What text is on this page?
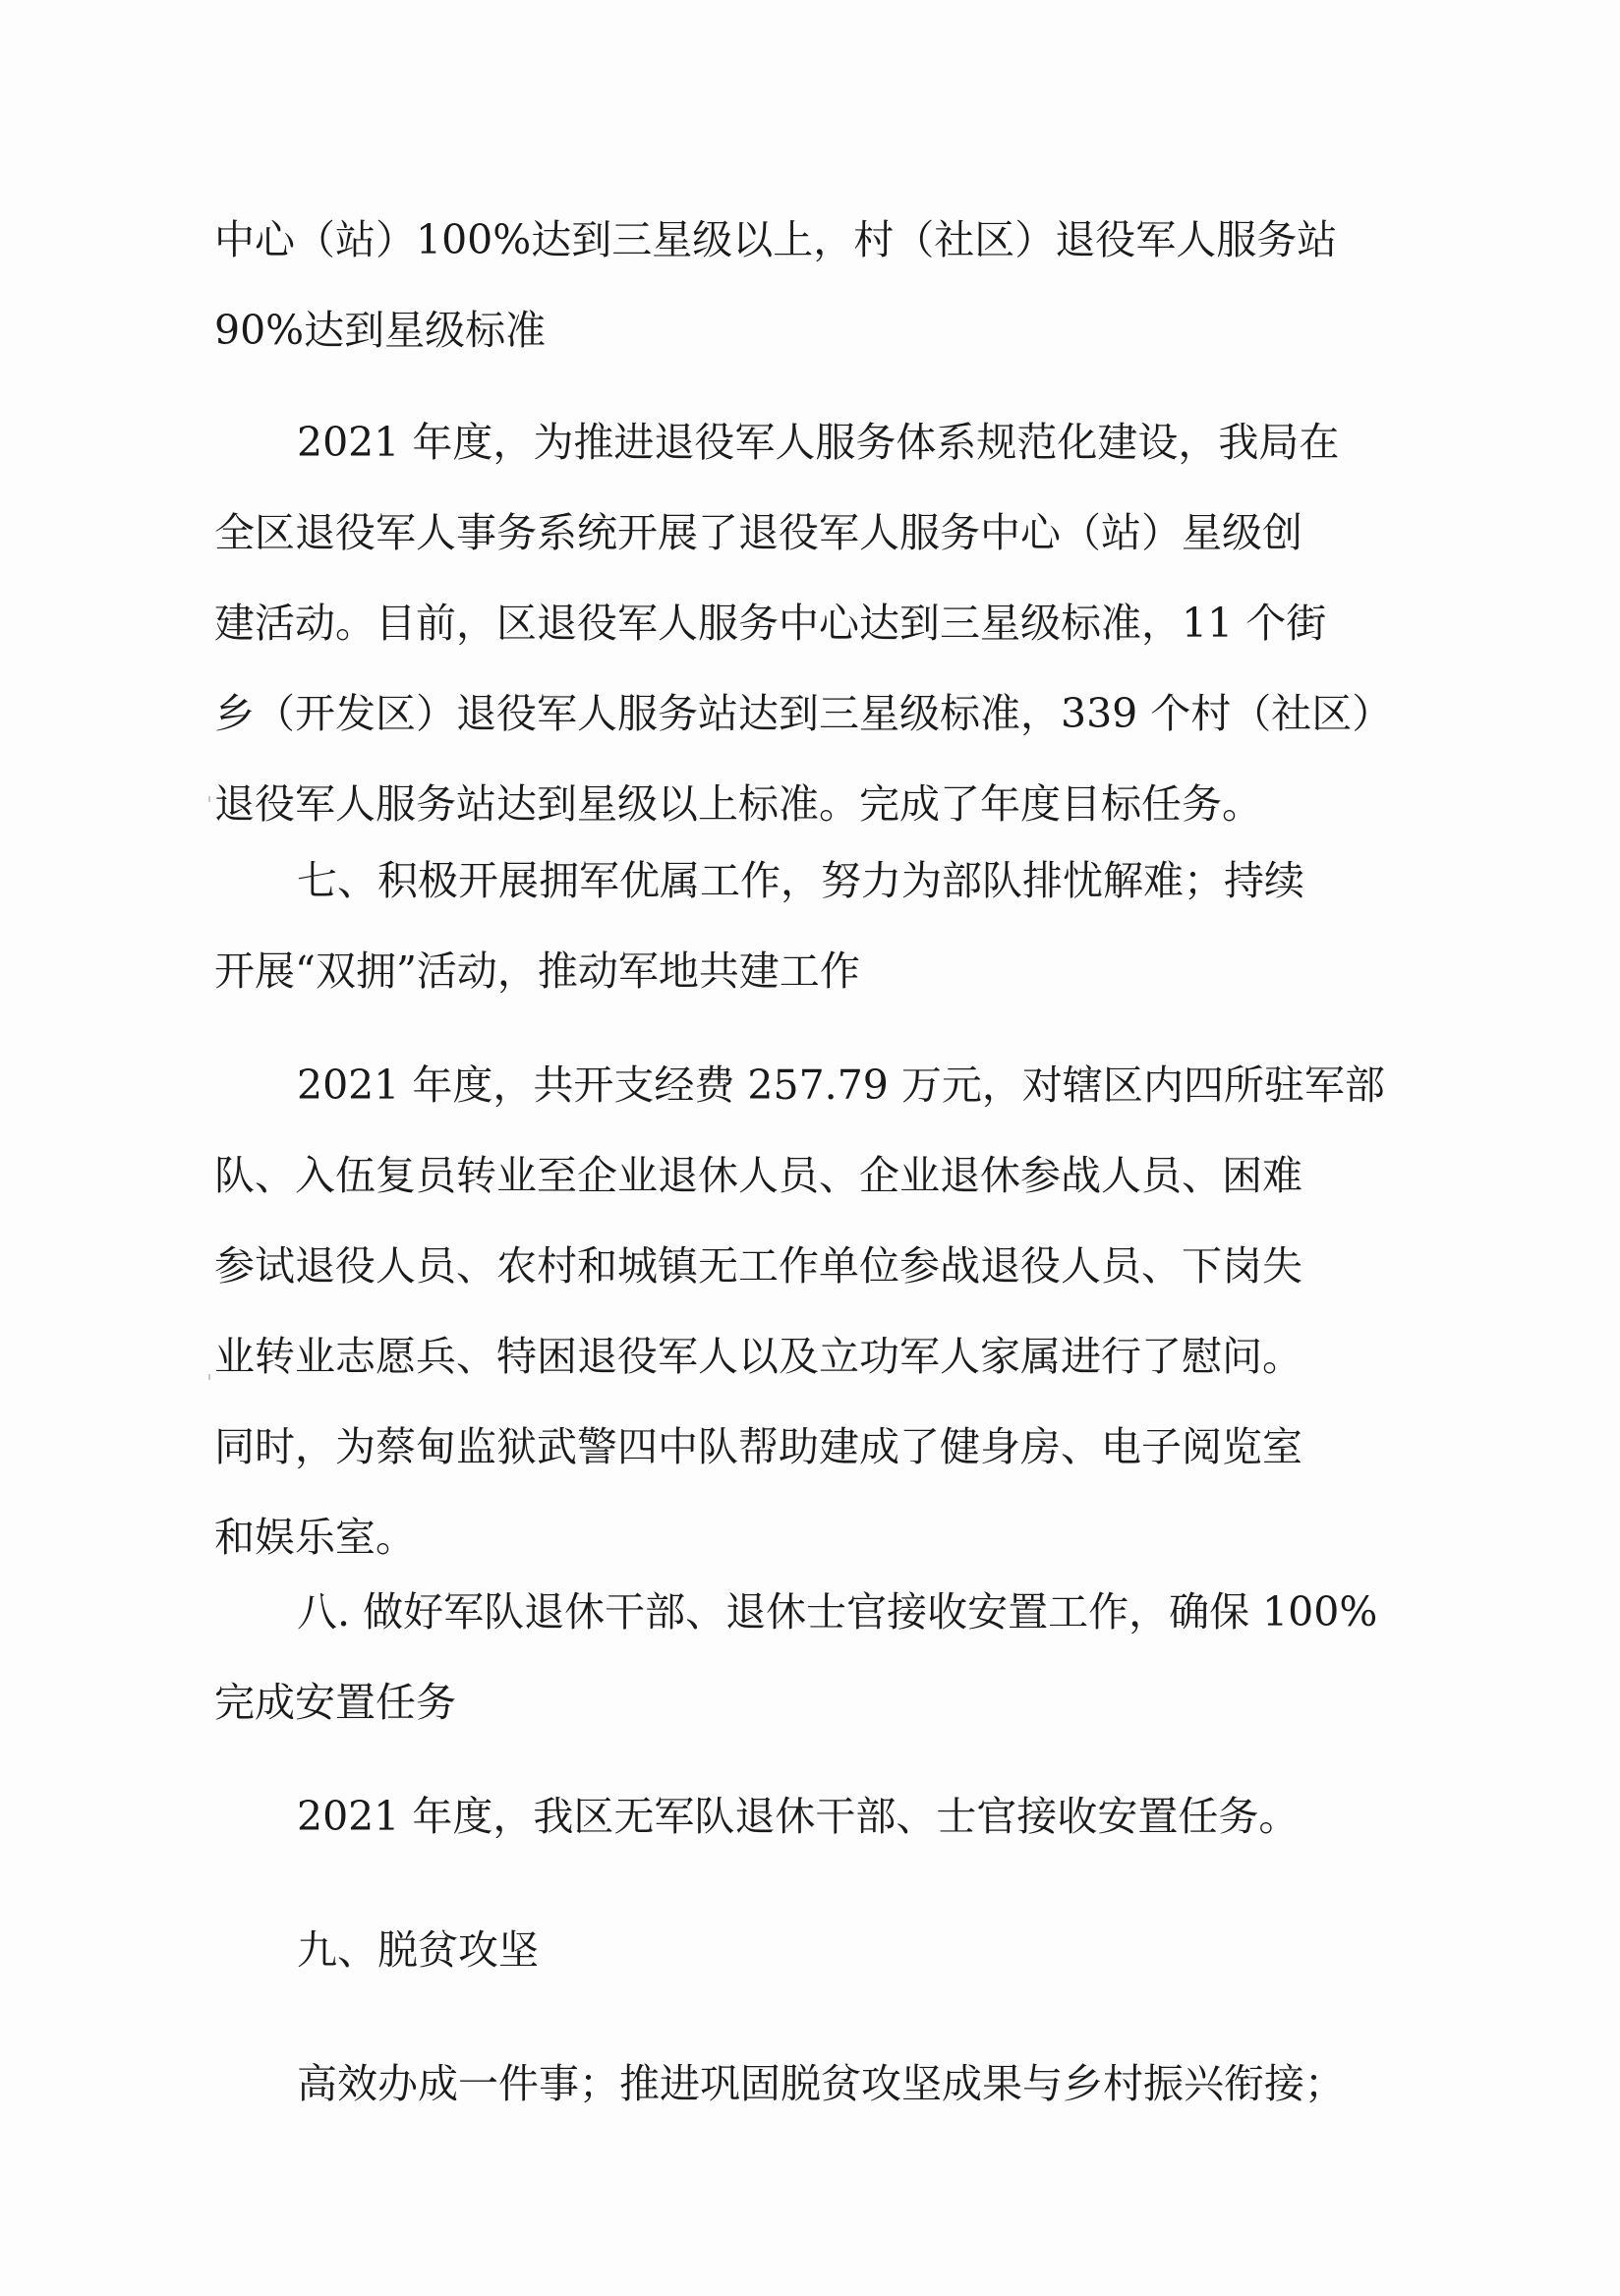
中心（站）100%达到三星级以上，村（社区）退役军人服务站
90%达到星级标准
2021 年度，为推进退役军人服务体系规范化建设，我局在
全区退役军人事务系统开展了退役军人服务中心（站）星级创
建活动。目前，区退役军人服务中心达到三星级标准，11 个街
乡（开发区）退役军人服务站达到三星级标准，339 个村（社区）
退役军人服务站达到星级以上标准。完成了年度目标任务。
七、积极开展拥军优属工作，努力为部队排忧解难；持续
开展“双拥”活动，推动军地共建工作
2021 年度，共开支经费 257.79 万元，对辖区内四所驻军部
队、入伍复员转业至企业退休人员、企业退休参战人员、困难
参试退役人员、农村和城镇无工作单位参战退役人员、下岗失
业转业志愿兵、特困退役军人以及立功军人家属进行了慰问。
同时，为蔡甸监狱武警四中队帮助建成了健身房、电子阅览室
和娱乐室。
八. 做好军队退休干部、退休士官接收安置工作，确保 100%
完成安置任务
2021 年度，我区无军队退休干部、士官接收安置任务。
九、脱贫攻坚
高效办成一件事；推进巩固脱贫攻坚成果与乡村振兴衔接；
